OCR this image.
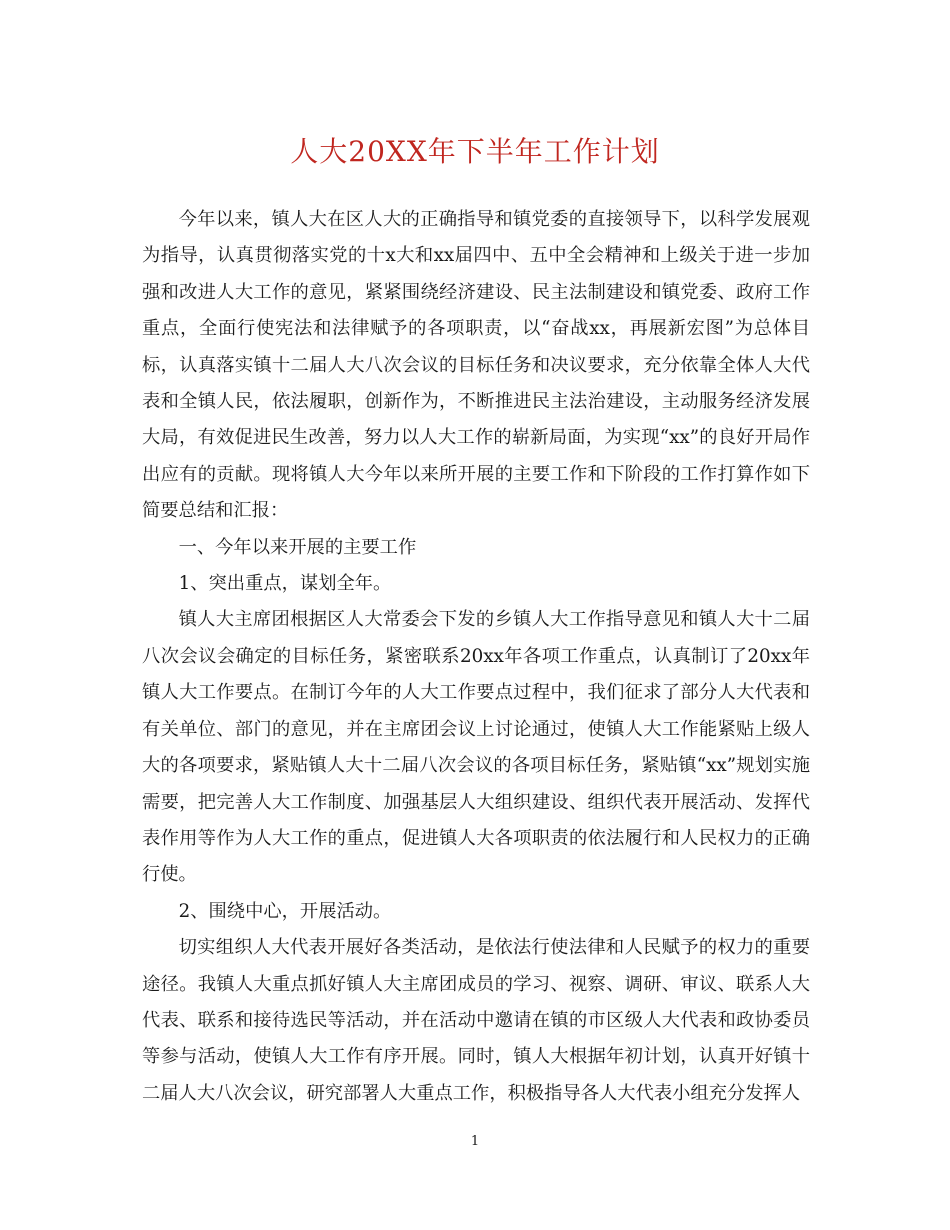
人大20XX年下半年工作计划

今年以来，镇人大在区人大的正确指导和镇党委的直接领导下，以科学发展观为指导，认真贯彻落实党的十x大和xx届四中、五中全会精神和上级关于进一步加强和改进人大工作的意见，紧紧围绕经济建设、民主法制建设和镇党委、政府工作重点，全面行使宪法和法律赋予的各项职责，以“奋战xx，再展新宏图”为总体目标，认真落实镇十二届人大八次会议的目标任务和决议要求，充分依靠全体人大代表和全镇人民，依法履职，创新作为，不断推进民主法治建设，主动服务经济发展大局，有效促进民生改善，努力以人大工作的崭新局面，为实现“xx”的良好开局作出应有的贡献。现将镇人大今年以来所开展的主要工作和下阶段的工作打算作如下简要总结和汇报：

一、今年以来开展的主要工作

1、突出重点，谋划全年。

镇人大主席团根据区人大常委会下发的乡镇人大工作指导意见和镇人大十二届八次会议会确定的目标任务，紧密联系20xx年各项工作重点，认真制订了20xx年镇人大工作要点。在制订今年的人大工作要点过程中，我们征求了部分人大代表和有关单位、部门的意见，并在主席团会议上讨论通过，使镇人大工作能紧贴上级人大的各项要求，紧贴镇人大十二届八次会议的各项目标任务，紧贴镇“xx”规划实施需要，把完善人大工作制度、加强基层人大组织建设、组织代表开展活动、发挥代表作用等作为人大工作的重点，促进镇人大各项职责的依法履行和人民权力的正确行使。

2、围绕中心，开展活动。

切实组织人大代表开展好各类活动，是依法行使法律和人民赋予的权力的重要途径。我镇人大重点抓好镇人大主席团成员的学习、视察、调研、审议、联系人大代表、联系和接待选民等活动，并在活动中邀请在镇的市区级人大代表和政协委员等参与活动，使镇人大工作有序开展。同时，镇人大根据年初计划，认真开好镇十二届人大八次会议，研究部署人大重点工作，积极指导各人大代表小组充分发挥人

1
